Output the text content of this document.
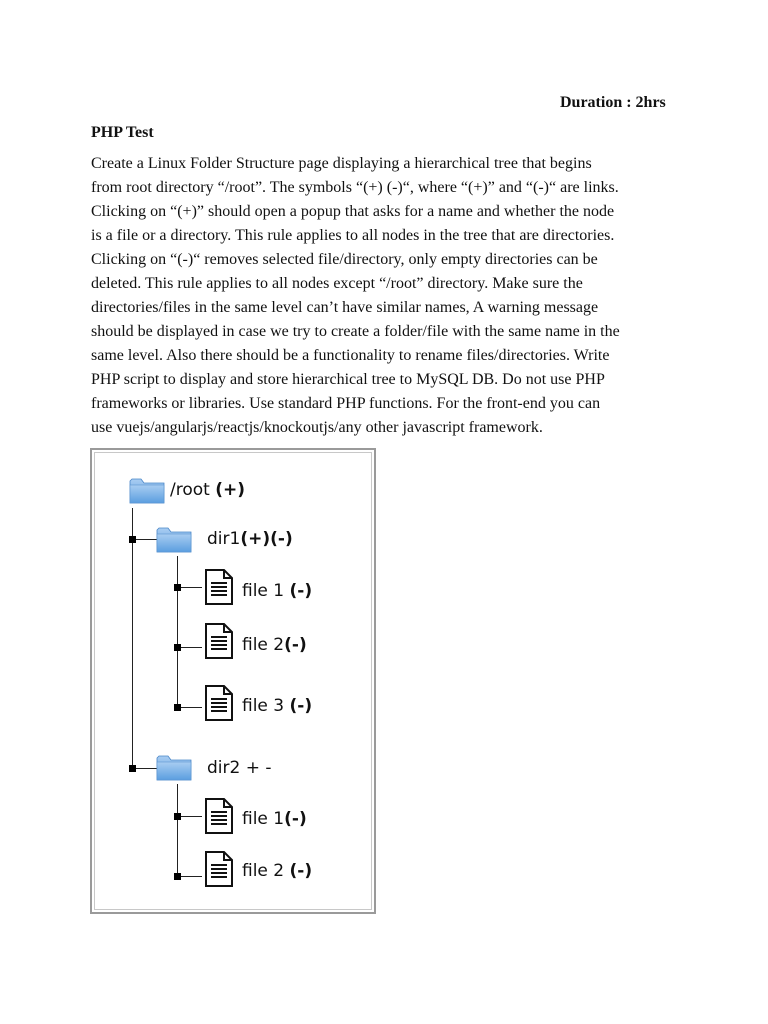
Duration : 2hrs
PHP Test

Create a Linux Folder Structure page displaying a hierarchical tree that begins
from root directory “/root”. The symbols “(+) (-)“, where “(+)” and “(-)“ are links.
Clicking on “(+)” should open a popup that asks for a name and whether the node
is a file or a directory. This rule applies to all nodes in the tree that are directories.
Clicking on “(-)“ removes selected file/directory, only empty directories can be
deleted. This rule applies to all nodes except “/root” directory. Make sure the
directories/files in the same level can’t have similar names, A warning message
should be displayed in case we try to create a folder/file with the same name in the
same level. Also there should be a functionality to rename files/directories. Write
PHP script to display and store hierarchical tree to MySQL DB. Do not use PHP
frameworks or libraries. Use standard PHP functions. For the front-end you can
use vuejs/angularjs/reactjs/knockoutjs/any other javascript framework.

/root (+)
dir1(+)(-)
file 1 (-)
file 2(-)
file 3 (-)
dir2 + -
file 1(-)
file 2 (-)
